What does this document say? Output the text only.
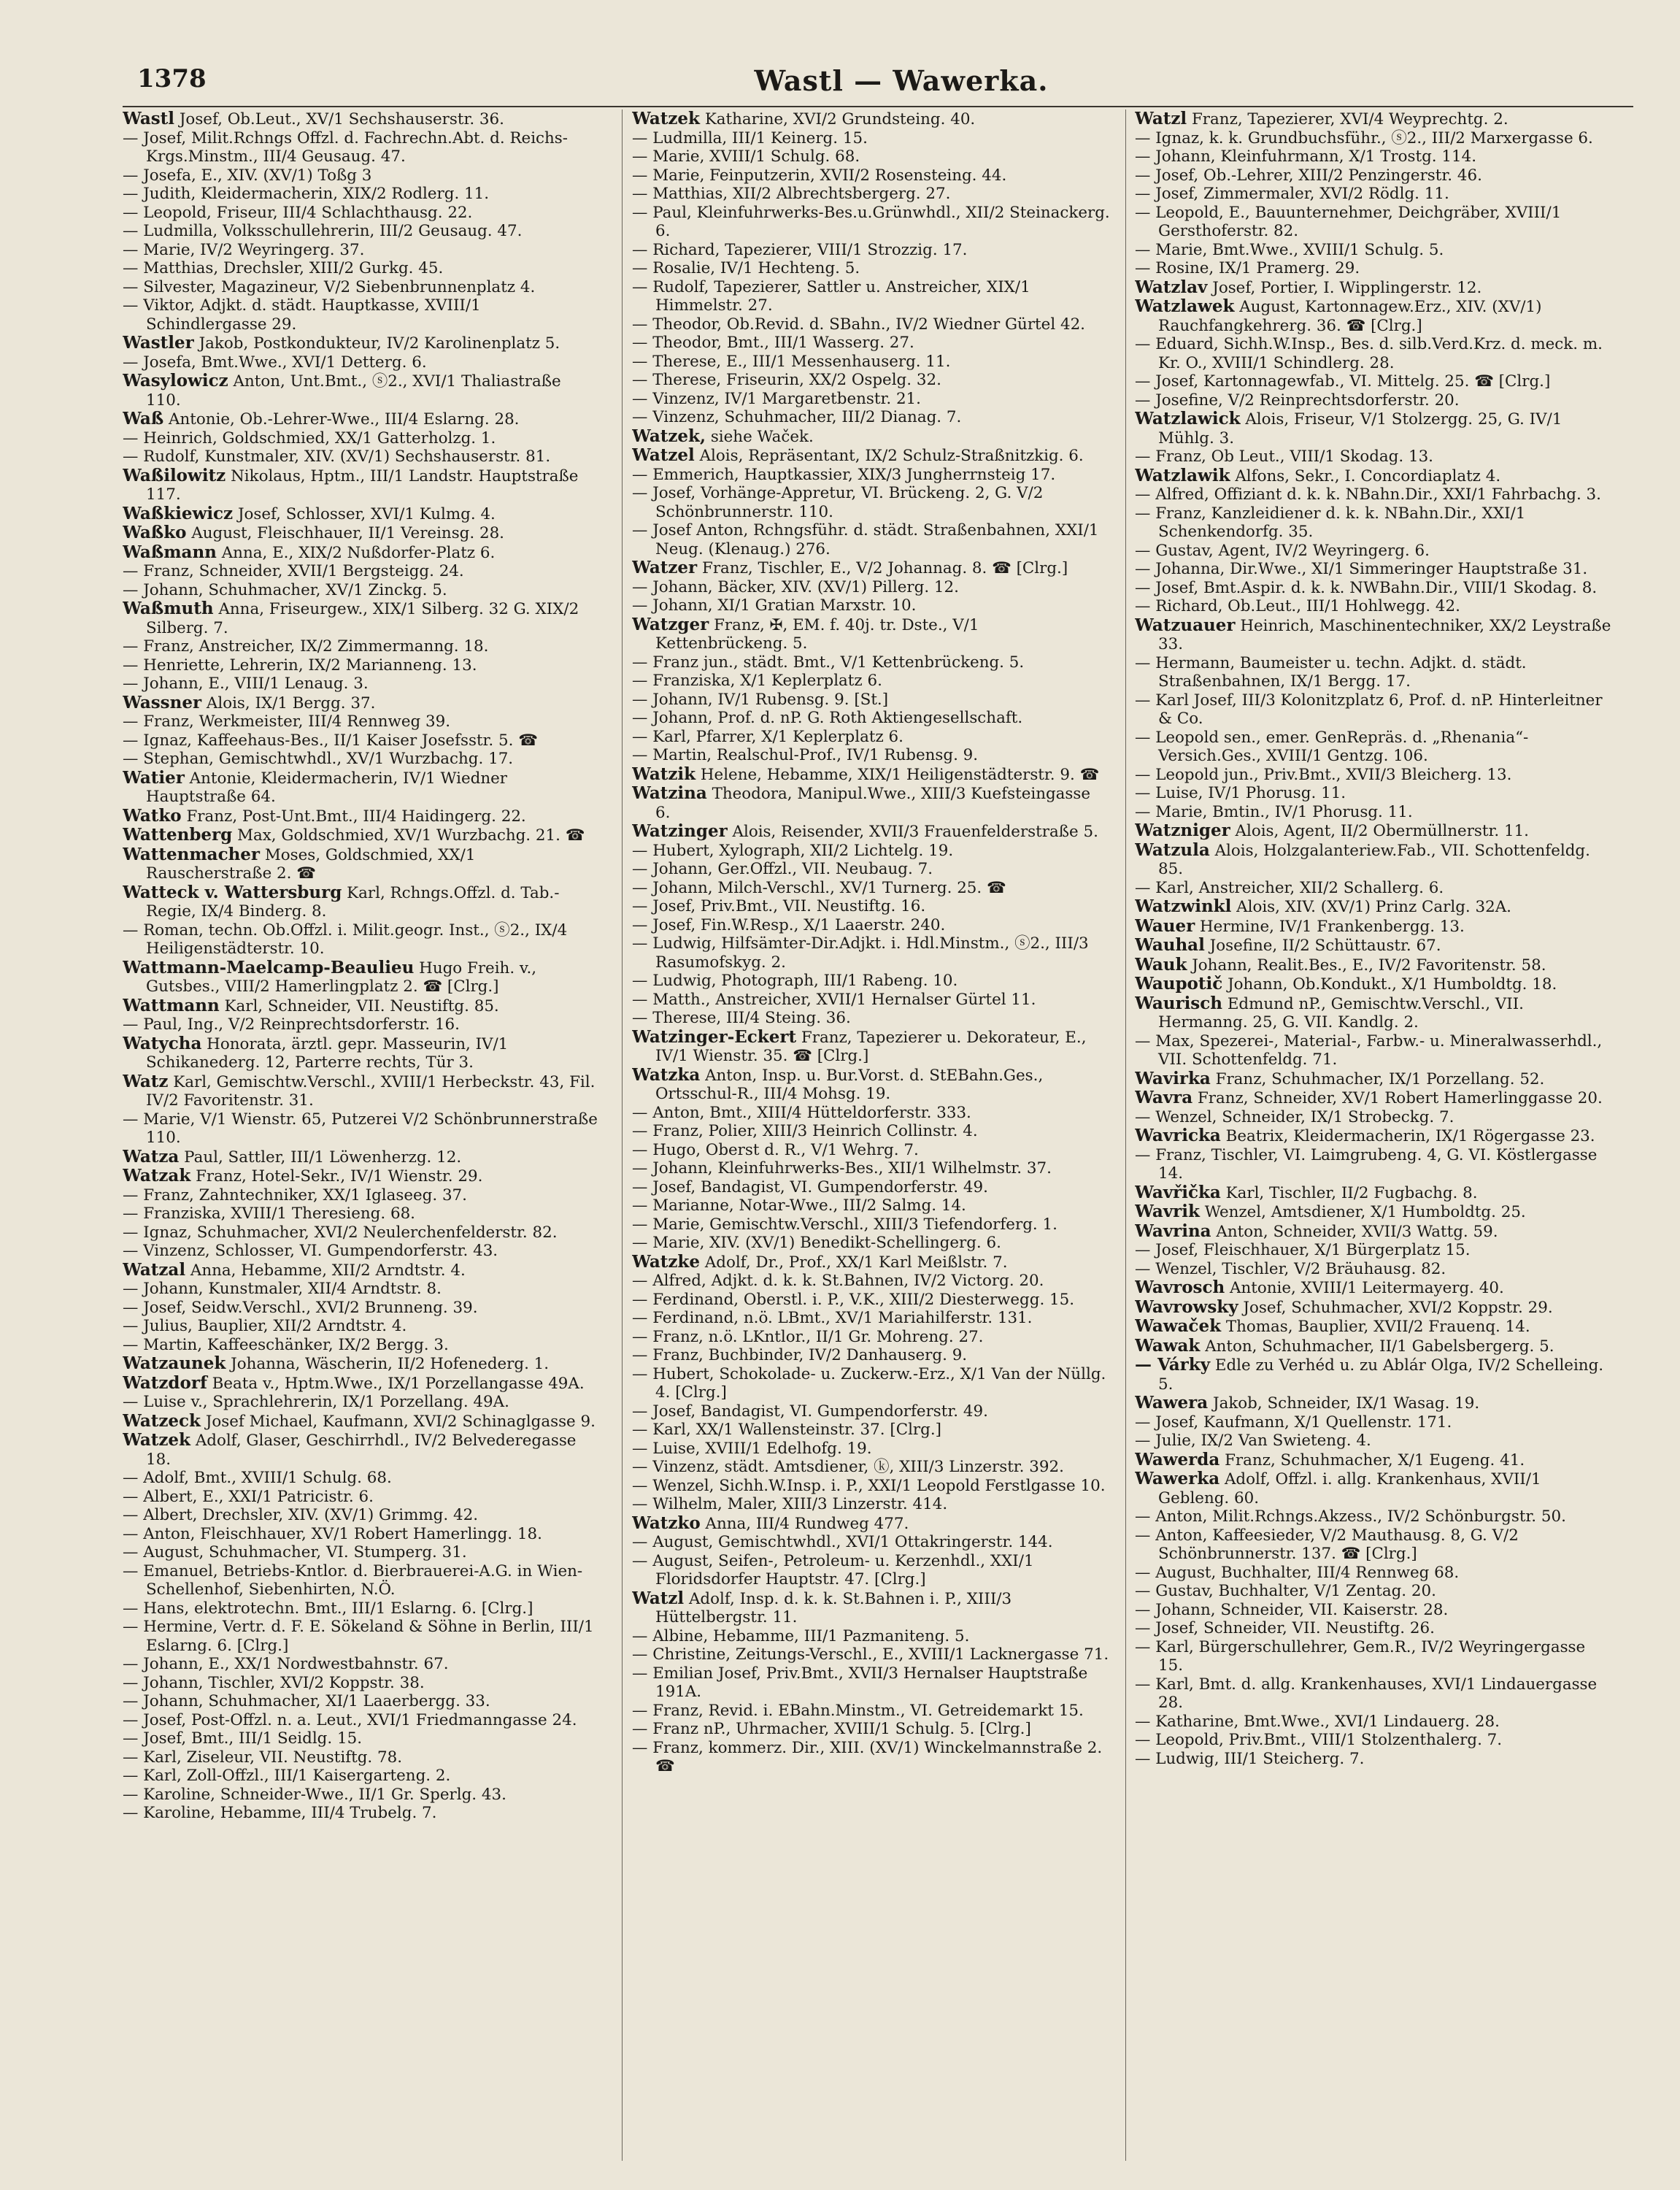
1378	Wastl — Wawerka.

Wastl Josef, Ob.Leut., XV/1 Sechshauserstr. 36.

— Josef, Milit.Rchngs Offzl. d. Fachrechn.Abt. d. Reichs-Krgs.Minstm., III/4 Geusaug. 47.

— Josefa, E., XIV. (XV/1) Toßg 3

— Judith, Kleidermacherin, XIX/2 Rodlerg. 11.

— Leopold, Friseur, III/4 Schlachthausg. 22.

— Ludmilla, Volksschullehrerin, III/2 Geusaug. 47.

— Marie, IV/2 Weyringerg. 37.

— Matthias, Drechsler, XIII/2 Gurkg. 45.

— Silvester, Magazineur, V/2 Siebenbrunnenplatz 4.

— Viktor, Adjkt. d. städt. Hauptkasse, XVIII/1 Schindlergasse 29.

Wastler Jakob, Postkondukteur, IV/2 Karolinenplatz 5.

— Josefa, Bmt.Wwe., XVI/1 Detterg. 6.

Wasylowicz Anton, Unt.Bmt., ⓢ2., XVI/1 Thaliastraße 110.

Waß Antonie, Ob.-Lehrer-Wwe., III/4 Eslarng. 28.

— Heinrich, Goldschmied, XX/1 Gatterholzg. 1.

— Rudolf, Kunstmaler, XIV. (XV/1) Sechshauserstr. 81.

Waßilowitz Nikolaus, Hptm., III/1 Landstr. Hauptstraße 117.

Waßkiewicz Josef, Schlosser, XVI/1 Kulmg. 4.

Waßko August, Fleischhauer, II/1 Vereinsg. 28.

Waßmann Anna, E., XIX/2 Nußdorfer-Platz 6.

— Franz, Schneider, XVII/1 Bergsteigg. 24.

— Johann, Schuhmacher, XV/1 Zinckg. 5.

Waßmuth Anna, Friseurgew., XIX/1 Silberg. 32 G. XIX/2 Silberg. 7.

— Franz, Anstreicher, IX/2 Zimmermanng. 18.

— Henriette, Lehrerin, IX/2 Marianneng. 13.

— Johann, E., VIII/1 Lenaug. 3.

Wassner Alois, IX/1 Bergg. 37.

— Franz, Werkmeister, III/4 Rennweg 39.

— Ignaz, Kaffeehaus-Bes., II/1 Kaiser Josefsstr. 5. ☎

— Stephan, Gemischtwhdl., XV/1 Wurzbachg. 17.

Watier Antonie, Kleidermacherin, IV/1 Wiedner Hauptstraße 64.

Watko Franz, Post-Unt.Bmt., III/4 Haidingerg. 22.

Wattenberg Max, Goldschmied, XV/1 Wurzbachg. 21. ☎

Wattenmacher Moses, Goldschmied, XX/1 Rauscherstraße 2. ☎

Watteck v. Wattersburg Karl, Rchngs.Offzl. d. Tab.-Regie, IX/4 Binderg. 8.

— Roman, techn. Ob.Offzl. i. Milit.geogr. Inst., ⓢ2., IX/4 Heiligenstädterstr. 10.

Wattmann-Maelcamp-Beaulieu Hugo Freih. v., Gutsbes., VIII/2 Hamerlingplatz 2. ☎ [Clrg.]

Wattmann Karl, Schneider, VII. Neustiftg. 85.

— Paul, Ing., V/2 Reinprechtsdorferstr. 16.

Watycha Honorata, ärztl. gepr. Masseurin, IV/1 Schikanederg. 12, Parterre rechts, Tür 3.

Watz Karl, Gemischtw.Verschl., XVIII/1 Herbeckstr. 43, Fil. IV/2 Favoritenstr. 31.

— Marie, V/1 Wienstr. 65, Putzerei V/2 Schönbrunnerstraße 110.

Watza Paul, Sattler, III/1 Löwenherzg. 12.

Watzak Franz, Hotel-Sekr., IV/1 Wienstr. 29.

— Franz, Zahntechniker, XX/1 Iglaseeg. 37.

— Franziska, XVIII/1 Theresieng. 68.

— Ignaz, Schuhmacher, XVI/2 Neulerchenfelderstr. 82.

— Vinzenz, Schlosser, VI. Gumpendorferstr. 43.

Watzal Anna, Hebamme, XII/2 Arndtstr. 4.

— Johann, Kunstmaler, XII/4 Arndtstr. 8.

— Josef, Seidw.Verschl., XVI/2 Brunneng. 39.

— Julius, Bauplier, XII/2 Arndtstr. 4.

— Martin, Kaffeeschänker, IX/2 Bergg. 3.

Watzaunek Johanna, Wäscherin, II/2 Hofenederg. 1.

Watzdorf Beata v., Hptm.Wwe., IX/1 Porzellangasse 49A.

— Luise v., Sprachlehrerin, IX/1 Porzellang. 49A.

Watzeck Josef Michael, Kaufmann, XVI/2 Schinaglgasse 9.

Watzek Adolf, Glaser, Geschirrhdl., IV/2 Belvederegasse 18.

— Adolf, Bmt., XVIII/1 Schulg. 68.

— Albert, E., XXI/1 Patricistr. 6.

— Albert, Drechsler, XIV. (XV/1) Grimmg. 42.

— Anton, Fleischhauer, XV/1 Robert Hamerlingg. 18.

— August, Schuhmacher, VI. Stumperg. 31.

— Emanuel, Betriebs-Kntlor. d. Bierbrauerei-A.G. in Wien-Schellenhof, Siebenhirten, N.Ö.

— Hans, elektrotechn. Bmt., III/1 Eslarng. 6. [Clrg.]

— Hermine, Vertr. d. F. E. Sökeland & Söhne in Berlin, III/1 Eslarng. 6. [Clrg.]

— Johann, E., XX/1 Nordwestbahnstr. 67.

— Johann, Tischler, XVI/2 Koppstr. 38.

— Johann, Schuhmacher, XI/1 Laaerbergg. 33.

— Josef, Post-Offzl. n. a. Leut., XVI/1 Friedmanngasse 24.

— Josef, Bmt., III/1 Seidlg. 15.

— Karl, Ziseleur, VII. Neustiftg. 78.

— Karl, Zoll-Offzl., III/1 Kaisergarteng. 2.

— Karoline, Schneider-Wwe., II/1 Gr. Sperlg. 43.

— Karoline, Hebamme, III/4 Trubelg. 7.

Watzek Katharine, XVI/2 Grundsteing. 40.

— Ludmilla, III/1 Keinerg. 15.

— Marie, XVIII/1 Schulg. 68.

— Marie, Feinputzerin, XVII/2 Rosensteing. 44.

— Matthias, XII/2 Albrechtsbergerg. 27.

— Paul, Kleinfuhrwerks-Bes.u.Grünwhdl., XII/2 Steinackerg. 6.

— Richard, Tapezierer, VIII/1 Strozzig. 17.

— Rosalie, IV/1 Hechteng. 5.

— Rudolf, Tapezierer, Sattler u. Anstreicher, XIX/1 Himmelstr. 27.

— Theodor, Ob.Revid. d. SBahn., IV/2 Wiedner Gürtel 42.

— Theodor, Bmt., III/1 Wasserg. 27.

— Therese, E., III/1 Messenhauserg. 11.

— Therese, Friseurin, XX/2 Ospelg. 32.

— Vinzenz, IV/1 Margaretbenstr. 21.

— Vinzenz, Schuhmacher, III/2 Dianag. 7.

Watzek, siehe Waček.

Watzel Alois, Repräsentant, IX/2 Schulz-Straßnitzkig. 6.

— Emmerich, Hauptkassier, XIX/3 Jungherrnsteig 17.

— Josef, Vorhänge-Appretur, VI. Brückeng. 2, G. V/2 Schönbrunnerstr. 110.

— Josef Anton, Rchngsführ. d. städt. Straßenbahnen, XXI/1 Neug. (Klenaug.) 276.

Watzer Franz, Tischler, E., V/2 Johannag. 8. ☎ [Clrg.]

— Johann, Bäcker, XIV. (XV/1) Pillerg. 12.

— Johann, XI/1 Gratian Marxstr. 10.

Watzger Franz, ✠, EM. f. 40j. tr. Dste., V/1 Kettenbrückeng. 5.

— Franz jun., städt. Bmt., V/1 Kettenbrückeng. 5.

— Franziska, X/1 Keplerplatz 6.

— Johann, IV/1 Rubensg. 9. [St.]

— Johann, Prof. d. nP. G. Roth Aktiengesellschaft.

— Karl, Pfarrer, X/1 Keplerplatz 6.

— Martin, Realschul-Prof., IV/1 Rubensg. 9.

Watzik Helene, Hebamme, XIX/1 Heiligenstädterstr. 9. ☎

Watzina Theodora, Manipul.Wwe., XIII/3 Kuefsteingasse 6.

Watzinger Alois, Reisender, XVII/3 Frauenfelderstraße 5.

— Hubert, Xylograph, XII/2 Lichtelg. 19.

— Johann, Ger.Offzl., VII. Neubaug. 7.

— Johann, Milch-Verschl., XV/1 Turnerg. 25. ☎

— Josef, Priv.Bmt., VII. Neustiftg. 16.

— Josef, Fin.W.Resp., X/1 Laaerstr. 240.

— Ludwig, Hilfsämter-Dir.Adjkt. i. Hdl.Minstm., ⓢ2., III/3 Rasumofskyg. 2.

— Ludwig, Photograph, III/1 Rabeng. 10.

— Matth., Anstreicher, XVII/1 Hernalser Gürtel 11.

— Therese, III/4 Steing. 36.

Watzinger-Eckert Franz, Tapezierer u. Dekorateur, E., IV/1 Wienstr. 35. ☎ [Clrg.]

Watzka Anton, Insp. u. Bur.Vorst. d. StEBahn.Ges., Ortsschul-R., III/4 Mohsg. 19.

— Anton, Bmt., XIII/4 Hütteldorferstr. 333.

— Franz, Polier, XIII/3 Heinrich Collinstr. 4.

— Hugo, Oberst d. R., V/1 Wehrg. 7.

— Johann, Kleinfuhrwerks-Bes., XII/1 Wilhelmstr. 37.

— Josef, Bandagist, VI. Gumpendorferstr. 49.

— Marianne, Notar-Wwe., III/2 Salmg. 14.

— Marie, Gemischtw.Verschl., XIII/3 Tiefendorferg. 1.

— Marie, XIV. (XV/1) Benedikt-Schellingerg. 6.

Watzke Adolf, Dr., Prof., XX/1 Karl Meißlstr. 7.

— Alfred, Adjkt. d. k. k. St.Bahnen, IV/2 Victorg. 20.

— Ferdinand, Oberstl. i. P., V.K., XIII/2 Diesterwegg. 15.

— Ferdinand, n.ö. LBmt., XV/1 Mariahilferstr. 131.

— Franz, n.ö. LKntlor., II/1 Gr. Mohreng. 27.

— Franz, Buchbinder, IV/2 Danhauserg. 9.

— Hubert, Schokolade- u. Zuckerw.-Erz., X/1 Van der Nüllg. 4. [Clrg.]

— Josef, Bandagist, VI. Gumpendorferstr. 49.

— Karl, XX/1 Wallensteinstr. 37. [Clrg.]

— Luise, XVIII/1 Edelhofg. 19.

— Vinzenz, städt. Amtsdiener, ⓚ, XIII/3 Linzerstr. 392.

— Wenzel, Sichh.W.Insp. i. P., XXI/1 Leopold Ferstlgasse 10.

— Wilhelm, Maler, XIII/3 Linzerstr. 414.

Watzko Anna, III/4 Rundweg 477.

— August, Gemischtwhdl., XVI/1 Ottakringerstr. 144.

— August, Seifen-, Petroleum- u. Kerzenhdl., XXI/1 Floridsdorfer Hauptstr. 47. [Clrg.]

Watzl Adolf, Insp. d. k. k. St.Bahnen i. P., XIII/3 Hüttelbergstr. 11.

— Albine, Hebamme, III/1 Pazmaniteng. 5.

— Christine, Zeitungs-Verschl., E., XVIII/1 Lacknergasse 71.

— Emilian Josef, Priv.Bmt., XVII/3 Hernalser Hauptstraße 191A.

— Franz, Revid. i. EBahn.Minstm., VI. Getreidemarkt 15.

— Franz nP., Uhrmacher, XVIII/1 Schulg. 5. [Clrg.]

— Franz, kommerz. Dir., XIII. (XV/1) Winckelmannstraße 2. ☎

Watzl Franz, Tapezierer, XVI/4 Weyprechtg. 2.

— Ignaz, k. k. Grundbuchsführ., ⓢ2., III/2 Marxergasse 6.

— Johann, Kleinfuhrmann, X/1 Trostg. 114.

— Josef, Ob.-Lehrer, XIII/2 Penzingerstr. 46.

— Josef, Zimmermaler, XVI/2 Rödlg. 11.

— Leopold, E., Bauunternehmer, Deichgräber, XVIII/1 Gersthoferstr. 82.

— Marie, Bmt.Wwe., XVIII/1 Schulg. 5.

— Rosine, IX/1 Pramerg. 29.

Watzlav Josef, Portier, I. Wipplingerstr. 12.

Watzlawek August, Kartonnagew.Erz., XIV. (XV/1) Rauchfangkehrerg. 36. ☎ [Clrg.]

— Eduard, Sichh.W.Insp., Bes. d. silb.Verd.Krz. d. meck. m. Kr. O., XVIII/1 Schindlerg. 28.

— Josef, Kartonnagewfab., VI. Mittelg. 25. ☎ [Clrg.]

— Josefine, V/2 Reinprechtsdorferstr. 20.

Watzlawick Alois, Friseur, V/1 Stolzergg. 25, G. IV/1 Mühlg. 3.

— Franz, Ob Leut., VIII/1 Skodag. 13.

Watzlawik Alfons, Sekr., I. Concordiaplatz 4.

— Alfred, Offiziant d. k. k. NBahn.Dir., XXI/1 Fahrbachg. 3.

— Franz, Kanzleidiener d. k. k. NBahn.Dir., XXI/1 Schenkendorfg. 35.

— Gustav, Agent, IV/2 Weyringerg. 6.

— Johanna, Dir.Wwe., XI/1 Simmeringer Hauptstraße 31.

— Josef, Bmt.Aspir. d. k. k. NWBahn.Dir., VIII/1 Skodag. 8.

— Richard, Ob.Leut., III/1 Hohlwegg. 42.

Watzuauer Heinrich, Maschinentechniker, XX/2 Leystraße 33.

— Hermann, Baumeister u. techn. Adjkt. d. städt. Straßenbahnen, IX/1 Bergg. 17.

— Karl Josef, III/3 Kolonitzplatz 6, Prof. d. nP. Hinterleitner & Co.

— Leopold sen., emer. GenRepräs. d. „Rhenania“-Versich.Ges., XVIII/1 Gentzg. 106.

— Leopold jun., Priv.Bmt., XVII/3 Bleicherg. 13.

— Luise, IV/1 Phorusg. 11.

— Marie, Bmtin., IV/1 Phorusg. 11.

Watzniger Alois, Agent, II/2 Obermüllnerstr. 11.

Watzula Alois, Holzgalanteriew.Fab., VII. Schottenfeldg. 85.

— Karl, Anstreicher, XII/2 Schallerg. 6.

Watzwinkl Alois, XIV. (XV/1) Prinz Carlg. 32A.

Wauer Hermine, IV/1 Frankenbergg. 13.

Wauhal Josefine, II/2 Schüttaustr. 67.

Wauk Johann, Realit.Bes., E., IV/2 Favoritenstr. 58.

Waupotič Johann, Ob.Kondukt., X/1 Humboldtg. 18.

Waurisch Edmund nP., Gemischtw.Verschl., VII. Hermanng. 25, G. VII. Kandlg. 2.

— Max, Spezerei-, Material-, Farbw.- u. Mineralwasserhdl., VII. Schottenfeldg. 71.

Wavirka Franz, Schuhmacher, IX/1 Porzellang. 52.

Wavra Franz, Schneider, XV/1 Robert Hamerlinggasse 20.

— Wenzel, Schneider, IX/1 Strobeckg. 7.

Wavricka Beatrix, Kleidermacherin, IX/1 Rögergasse 23.

— Franz, Tischler, VI. Laimgrubeng. 4, G. VI. Köstlergasse 14.

Wavřička Karl, Tischler, II/2 Fugbachg. 8.

Wavrik Wenzel, Amtsdiener, X/1 Humboldtg. 25.

Wavrina Anton, Schneider, XVII/3 Wattg. 59.

— Josef, Fleischhauer, X/1 Bürgerplatz 15.

— Wenzel, Tischler, V/2 Bräuhausg. 82.

Wavrosch Antonie, XVIII/1 Leitermayerg. 40.

Wavrowsky Josef, Schuhmacher, XVI/2 Koppstr. 29.

Wawaček Thomas, Bauplier, XVII/2 Frauenq. 14.

Wawak Anton, Schuhmacher, II/1 Gabelsbergerg. 5.

— Várky Edle zu Verhéd u. zu Ablár Olga, IV/2 Schelleing. 5.

Wawera Jakob, Schneider, IX/1 Wasag. 19.

— Josef, Kaufmann, X/1 Quellenstr. 171.

— Julie, IX/2 Van Swieteng. 4.

Wawerda Franz, Schuhmacher, X/1 Eugeng. 41.

Wawerka Adolf, Offzl. i. allg. Krankenhaus, XVII/1 Gebleng. 60.

— Anton, Milit.Rchngs.Akzess., IV/2 Schönburgstr. 50.

— Anton, Kaffeesieder, V/2 Mauthausg. 8, G. V/2 Schönbrunnerstr. 137. ☎ [Clrg.]

— August, Buchhalter, III/4 Rennweg 68.

— Gustav, Buchhalter, V/1 Zentag. 20.

— Johann, Schneider, VII. Kaiserstr. 28.

— Josef, Schneider, VII. Neustiftg. 26.

— Karl, Bürgerschullehrer, Gem.R., IV/2 Weyringergasse 15.

— Karl, Bmt. d. allg. Krankenhauses, XVI/1 Lindauergasse 28.

— Katharine, Bmt.Wwe., XVI/1 Lindauerg. 28.

— Leopold, Priv.Bmt., VIII/1 Stolzenthalerg. 7.

— Ludwig, III/1 Steicherg. 7.
